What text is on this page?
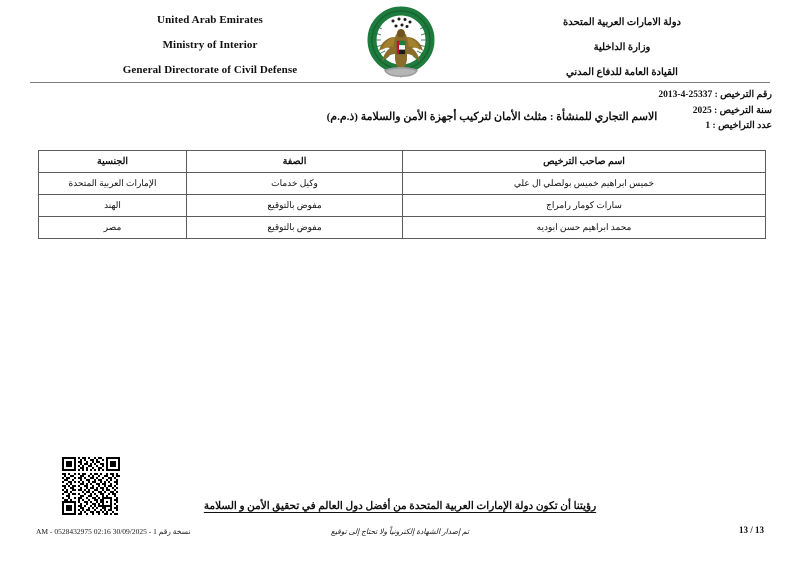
United Arab Emirates
Ministry of Interior
General Directorate of Civil Defense
دولة الامارات العربية المتحدة
وزارة الداخلية
القيادة العامة للدفاع المدني
رقم الترخيص : 25337-4-2013
سنة الترخيص : 2025
عدد التراخيص : 1
الاسم التجاري للمنشأة : مثلث الأمان لتركيب أجهزة الأمن والسلامة (ذ.م.م)
اسم صاحب الترخيص	الصفة	الجنسية
خميس ابراهيم خميس بولصلي ال علي	وكيل خدمات	الإمارات العربية المتحدة
سارات كومار رامراج	مفوض بالتوقيع	الهند
محمد ابراهيم حسن ابوديه	مفوض بالتوقيع	مصر
رؤيتنا أن تكون دولة الإمارات العربية المتحدة من أفضل دول العالم في تحقيق الأمن و السلامة
نسخة رقم 1 - 30/09/2025 02:16 AM - 0528432975	تم إصدار الشهادة إلكترونياً ولا تحتاج إلى توقيع	13 / 13
